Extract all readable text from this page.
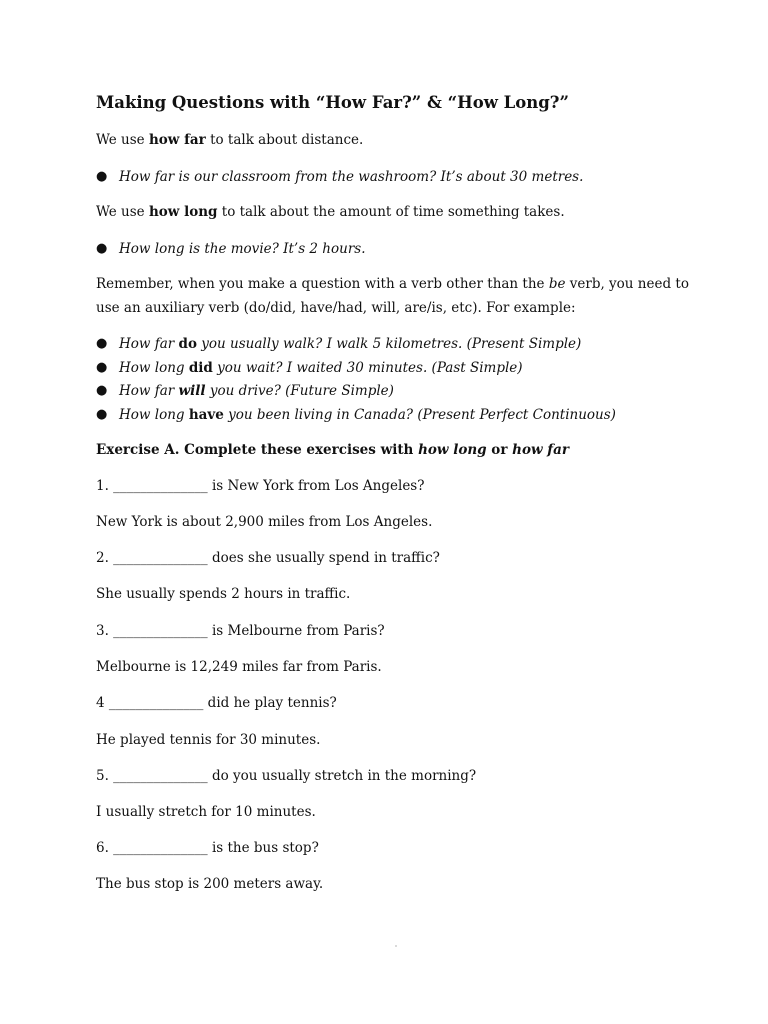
Making Questions with “How Far?” & “How Long?”
We use how far to talk about distance.
● How far is our classroom from the washroom? It’s about 30 metres.
We use how long to talk about the amount of time something takes.
● How long is the movie? It’s 2 hours.
Remember, when you make a question with a verb other than the be verb, you need to
use an auxiliary verb (do/did, have/had, will, are/is, etc). For example:
● How far do you usually walk? I walk 5 kilometres. (Present Simple)
● How long did you wait? I waited 30 minutes. (Past Simple)
● How far will you drive? (Future Simple)
● How long have you been living in Canada? (Present Perfect Continuous)
Exercise A. Complete these exercises with how long or how far
1. ______________ is New York from Los Angeles?
New York is about 2,900 miles from Los Angeles.
2. ______________ does she usually spend in traffic?
She usually spends 2 hours in traffic.
3. ______________ is Melbourne from Paris?
Melbourne is 12,249 miles far from Paris.
4 ______________ did he play tennis?
He played tennis for 30 minutes.
5. ______________ do you usually stretch in the morning?
I usually stretch for 10 minutes.
6. ______________ is the bus stop?
The bus stop is 200 meters away.
